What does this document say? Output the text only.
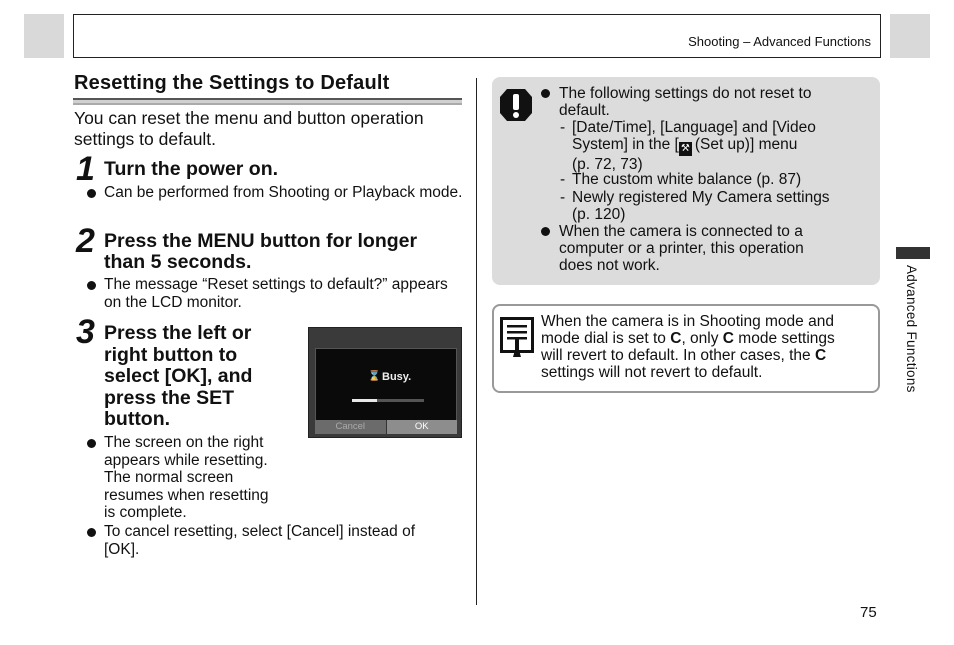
Shooting – Advanced Functions
Resetting the Settings to Default
You can reset the menu and button operation settings to default.
1 Turn the power on.
Can be performed from Shooting or Playback mode.
2 Press the MENU button for longer
than 5 seconds.
The message “Reset settings to default?” appears on the LCD monitor.
3 Press the left or
right button to
select [OK], and
press the SET
button.
The screen on the right
appears while resetting.
The normal screen
resumes when resetting
is complete.
To cancel resetting, select [Cancel] instead of
[OK].
⌛ Busy.
Cancel	OK
The following settings do not reset to
default.
- [Date/Time], [Language] and [Video
System] in the [ ⚒ (Set up)] menu
(p. 72, 73)
- The custom white balance (p. 87)
- Newly registered My Camera settings
(p. 120)
When the camera is connected to a
computer or a printer, this operation
does not work.
When the camera is in Shooting mode and
mode dial is set to C, only C mode settings
will revert to default. In other cases, the C
settings will not revert to default.	Advanced Functions
75
